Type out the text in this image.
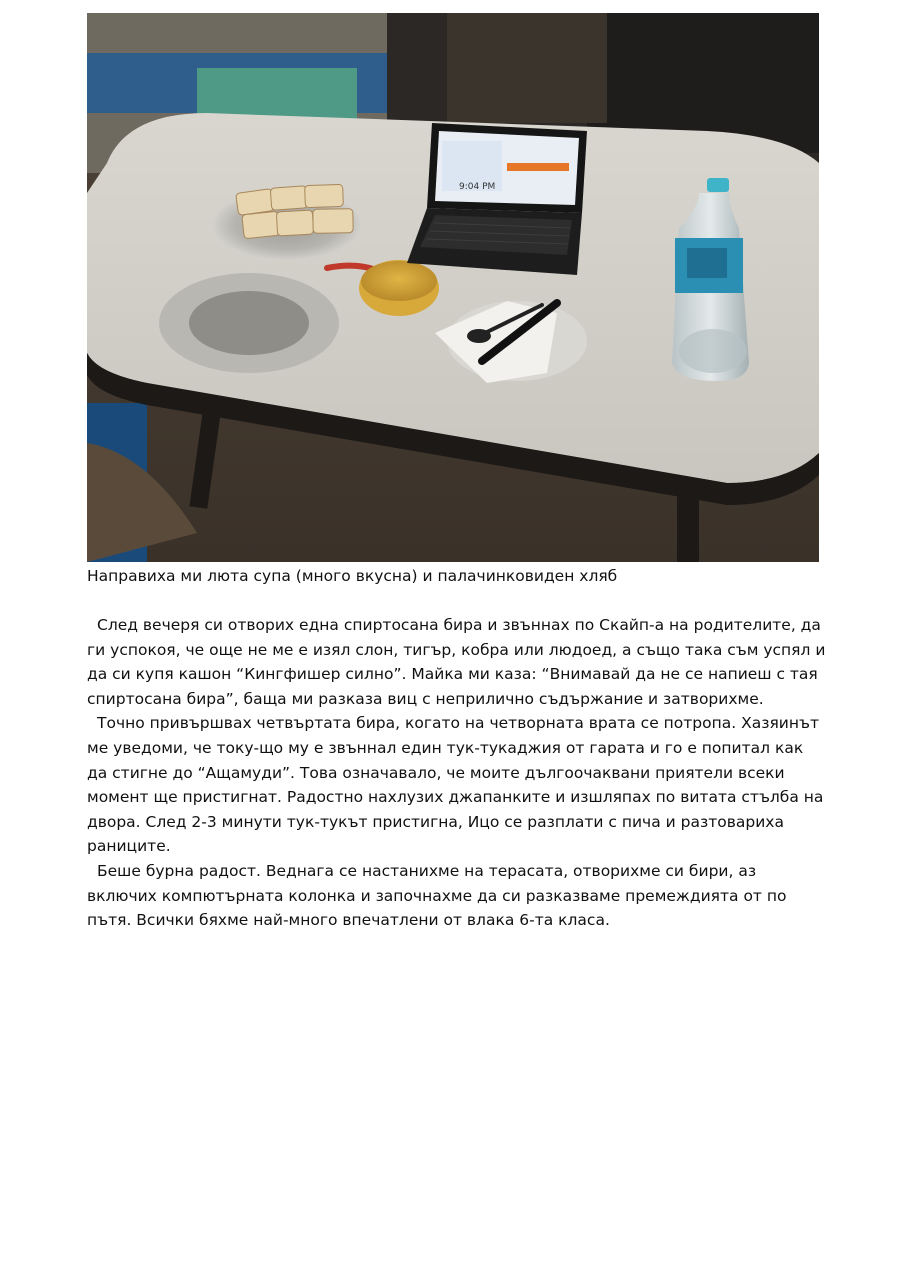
9:04 PM
Направиха ми люта супа (много вкусна) и палачинковиден хляб

След вечеря си отворих една спиртосана бира и звъннах по Скайп-а на родителите, да ги успокоя, че още не ме е изял слон, тигър, кобра или людоед, а също така съм успял и да си купя кашон “Кингфишер силно”. Майка ми каза: “Внимавай да не се напиеш с тая спиртосана бира”, баща ми разказа виц с неприлично съдържание и затворихме.

Точно привършвах четвъртата бира, когато на четворната врата се потропа. Хазяинът ме уведоми, че току-що му е звъннал един тук-тукаджия от гарата и го е попитал как да стигне до “Ащамуди”. Това означавало, че моите дългоочаквани приятели всеки момент ще пристигнат. Радостно нахлузих джапанките и изшляпах по витата стълба на двора. След 2-3 минути тук-тукът пристигна, Ицо се разплати с пича и разтовариха раниците.

Беше бурна радост. Веднага се настанихме на терасата, отворихме си бири, аз включих компютърната колонка и започнахме да си разказваме премеждията от по пътя. Всички бяхме най-много впечатлени от влака 6-та класа.
